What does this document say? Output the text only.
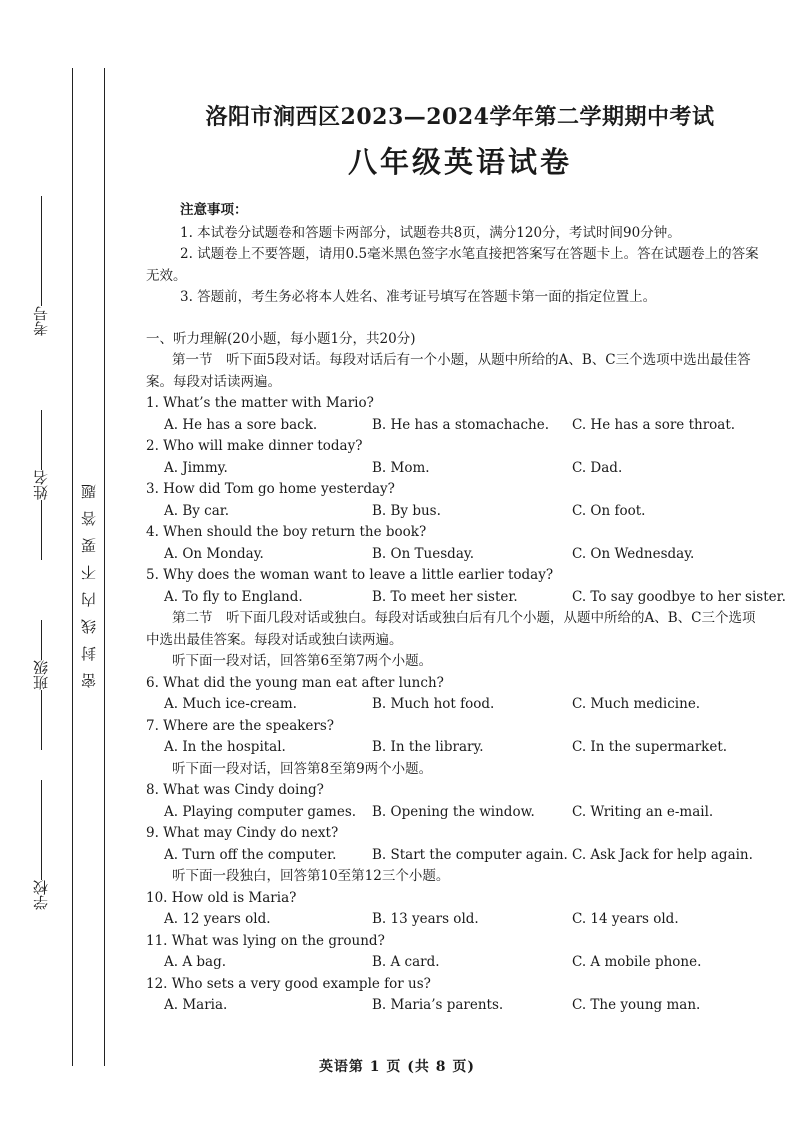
考号
姓名
班级
学校
密封线内不要答题
洛阳市涧西区2023—2024学年第二学期期中考试
八年级英语试卷
注意事项：
1. 本试卷分试题卷和答题卡两部分，试题卷共8页，满分120分，考试时间90分钟。
2. 试题卷上不要答题，请用0.5毫米黑色签字水笔直接把答案写在答题卡上。答在试题卷上的答案无效。
3. 答题前，考生务必将本人姓名、准考证号填写在答题卡第一面的指定位置上。
一、听力理解(20小题，每小题1分，共20分)
第一节　听下面5段对话。每段对话后有一个小题，从题中所给的A、B、C三个选项中选出最佳答案。每段对话读两遍。
1. What’s the matter with Mario?
A. He has a sore back.	B. He has a stomachache.	C. He has a sore throat.
2. Who will make dinner today?
A. Jimmy.	B. Mom.	C. Dad.
3. How did Tom go home yesterday?
A. By car.	B. By bus.	C. On foot.
4. When should the boy return the book?
A. On Monday.	B. On Tuesday.	C. On Wednesday.
5. Why does the woman want to leave a little earlier today?
A. To fly to England.	B. To meet her sister.	C. To say goodbye to her sister.
第二节　听下面几段对话或独白。每段对话或独白后有几个小题，从题中所给的A、B、C三个选项中选出最佳答案。每段对话或独白读两遍。
听下面一段对话，回答第6至第7两个小题。
6. What did the young man eat after lunch?
A. Much ice-cream.	B. Much hot food.	C. Much medicine.
7. Where are the speakers?
A. In the hospital.	B. In the library.	C. In the supermarket.
听下面一段对话，回答第8至第9两个小题。
8. What was Cindy doing?
A. Playing computer games.	B. Opening the window.	C. Writing an e-mail.
9. What may Cindy do next?
A. Turn off the computer.	B. Start the computer again. C. Ask Jack for help again.
听下面一段独白，回答第10至第12三个小题。
10. How old is Maria?
A. 12 years old.	B. 13 years old.	C. 14 years old.
11. What was lying on the ground?
A. A bag.	B. A card.	C. A mobile phone.
12. Who sets a very good example for us?
A. Maria.	B. Maria’s parents.	C. The young man.
英语第 1 页 (共 8 页)
